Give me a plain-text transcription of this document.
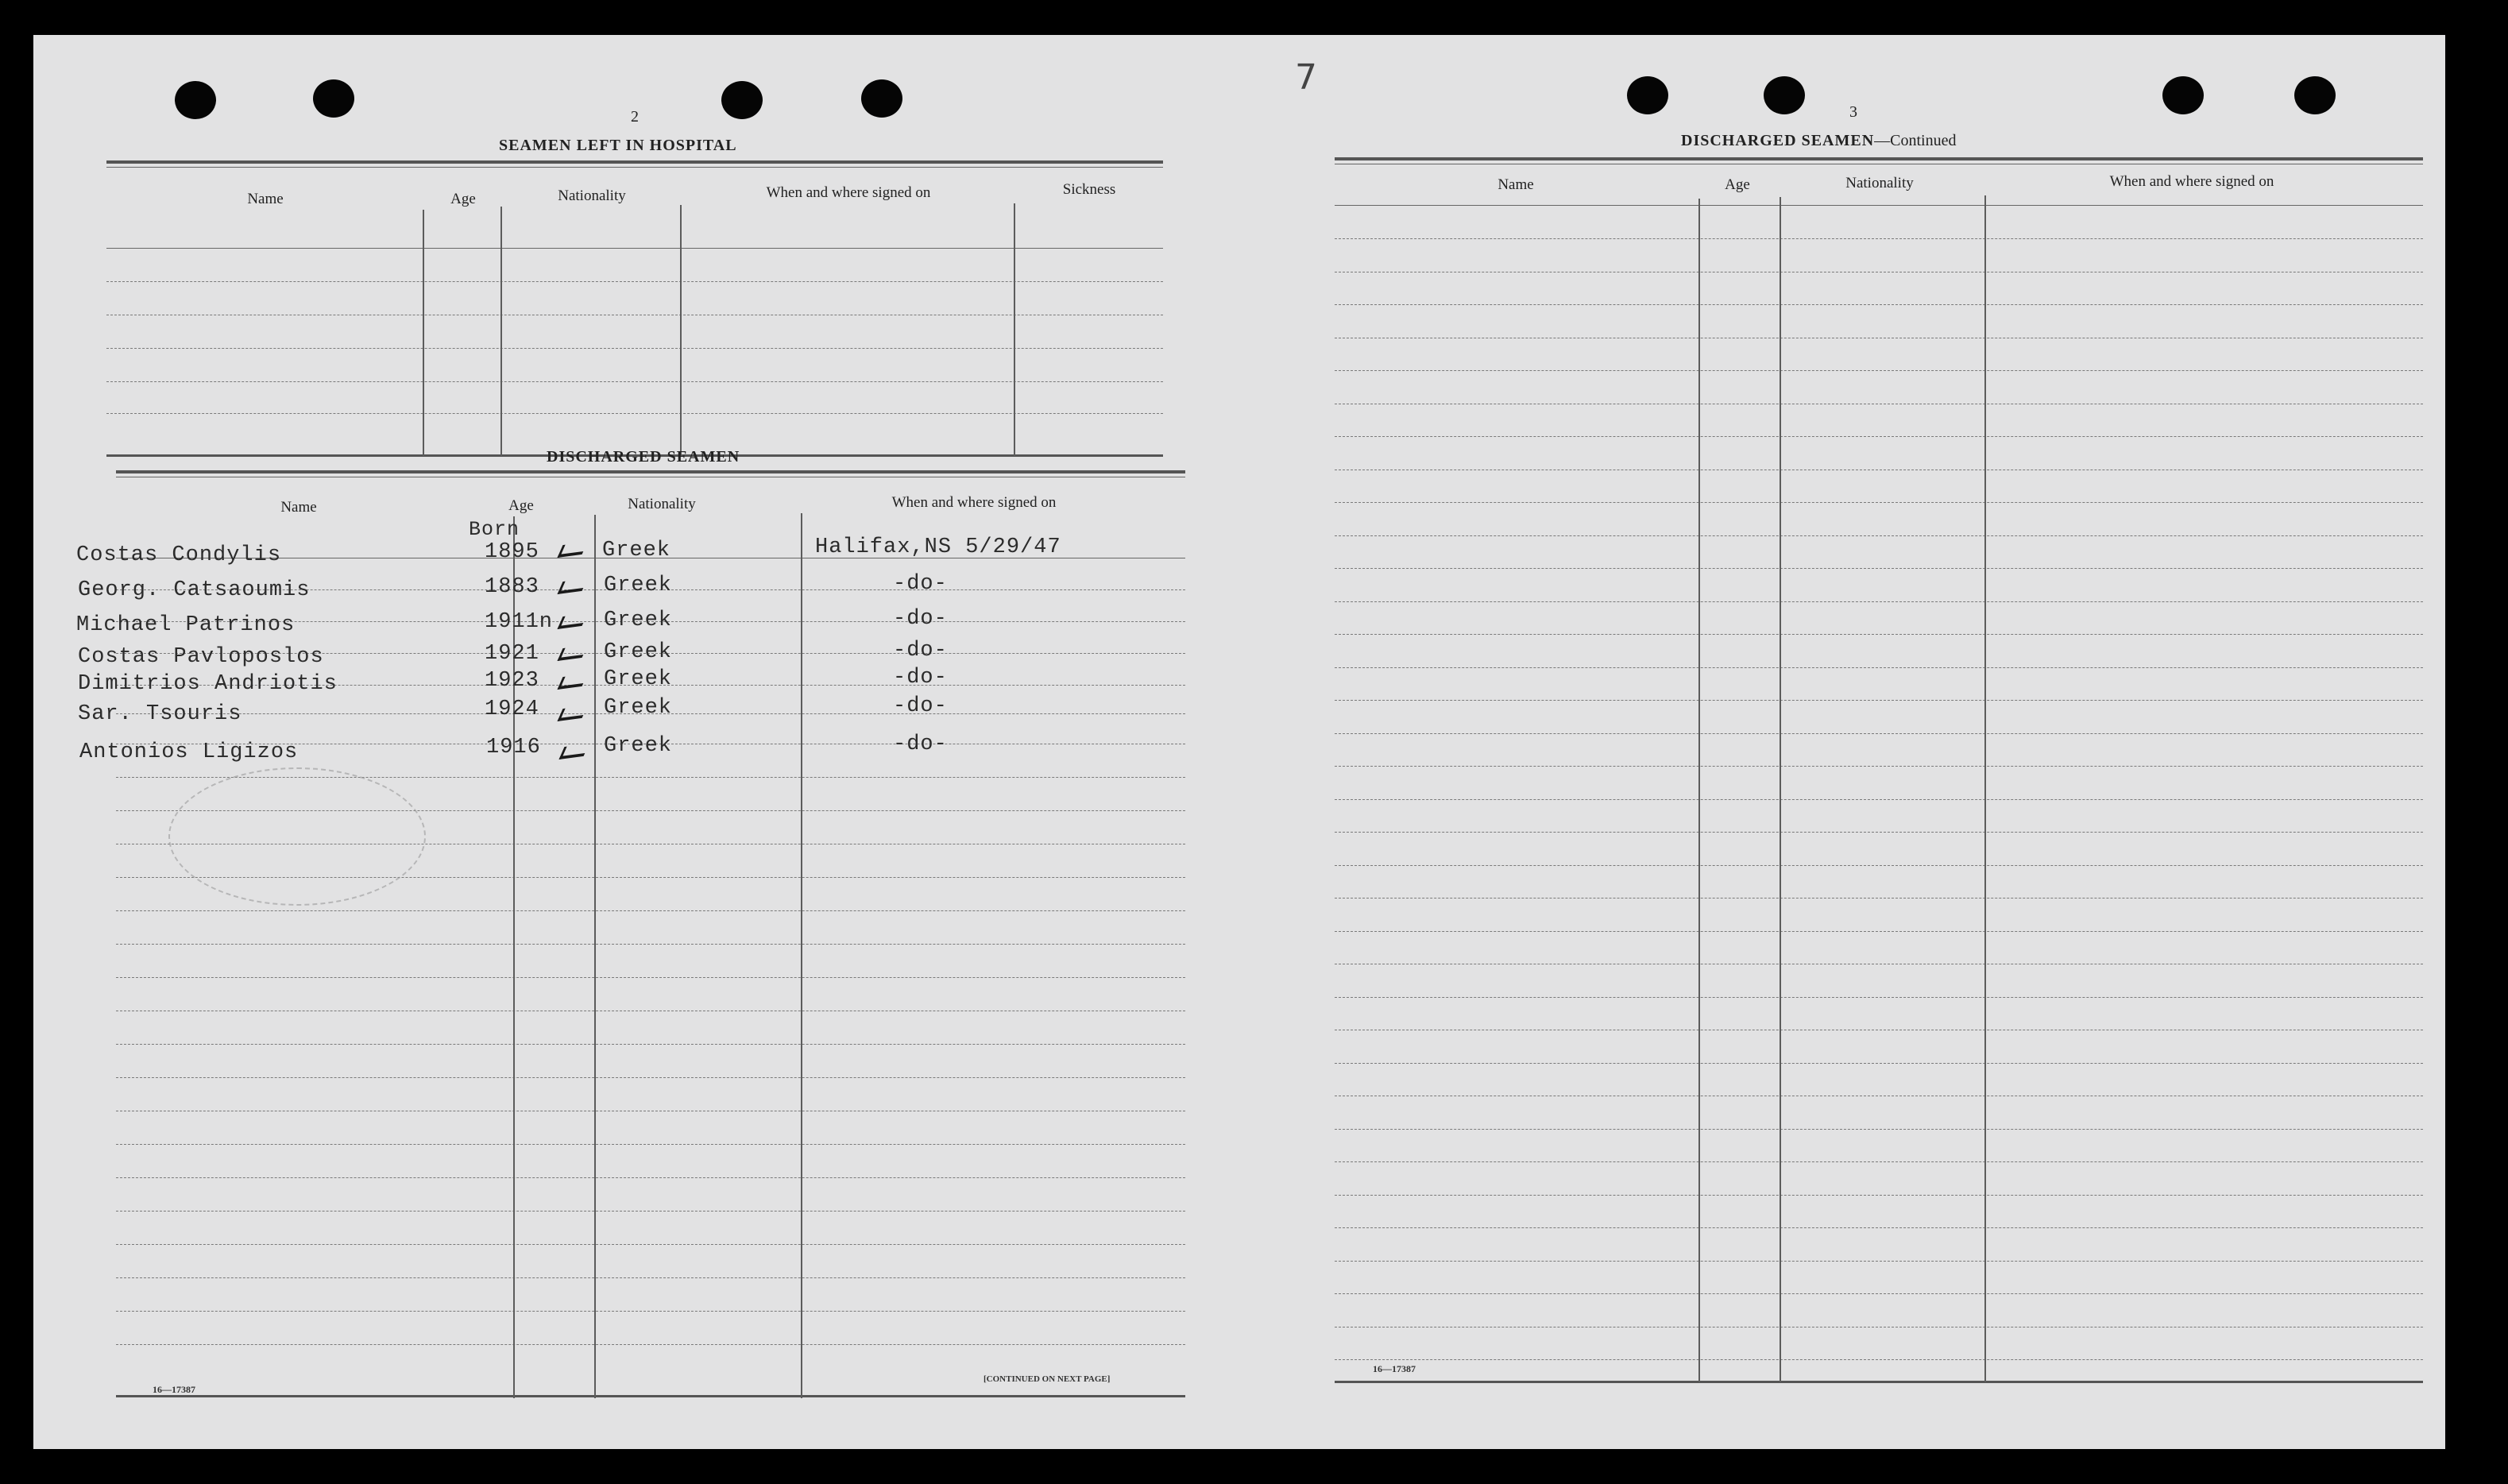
7
2
SEAMEN LEFT IN HOSPITAL
Name	Age	Nationality	When and where signed on	Sickness
DISCHARGED SEAMEN
Name	Age	Nationality	When and where signed on
Born
Costas Condylis	1895	Greek	Halifax,NS 5/29/47
Georg. Catsaoumis	1883	Greek	-do-
Michael Patrinos	1911n Greek	-do-
Costas Pavloposlos	1921	Greek	-do-
Dimitrios Andriotis	1923	Greek	-do-
Sar. Tsouris	1924	Greek	-do-
Antonios Ligizos	1916	Greek	-do-
16—17387
[CONTINUED ON NEXT PAGE]
3
DISCHARGED SEAMEN—Continued
Name	Age	Nationality	When and where signed on
16—17387
